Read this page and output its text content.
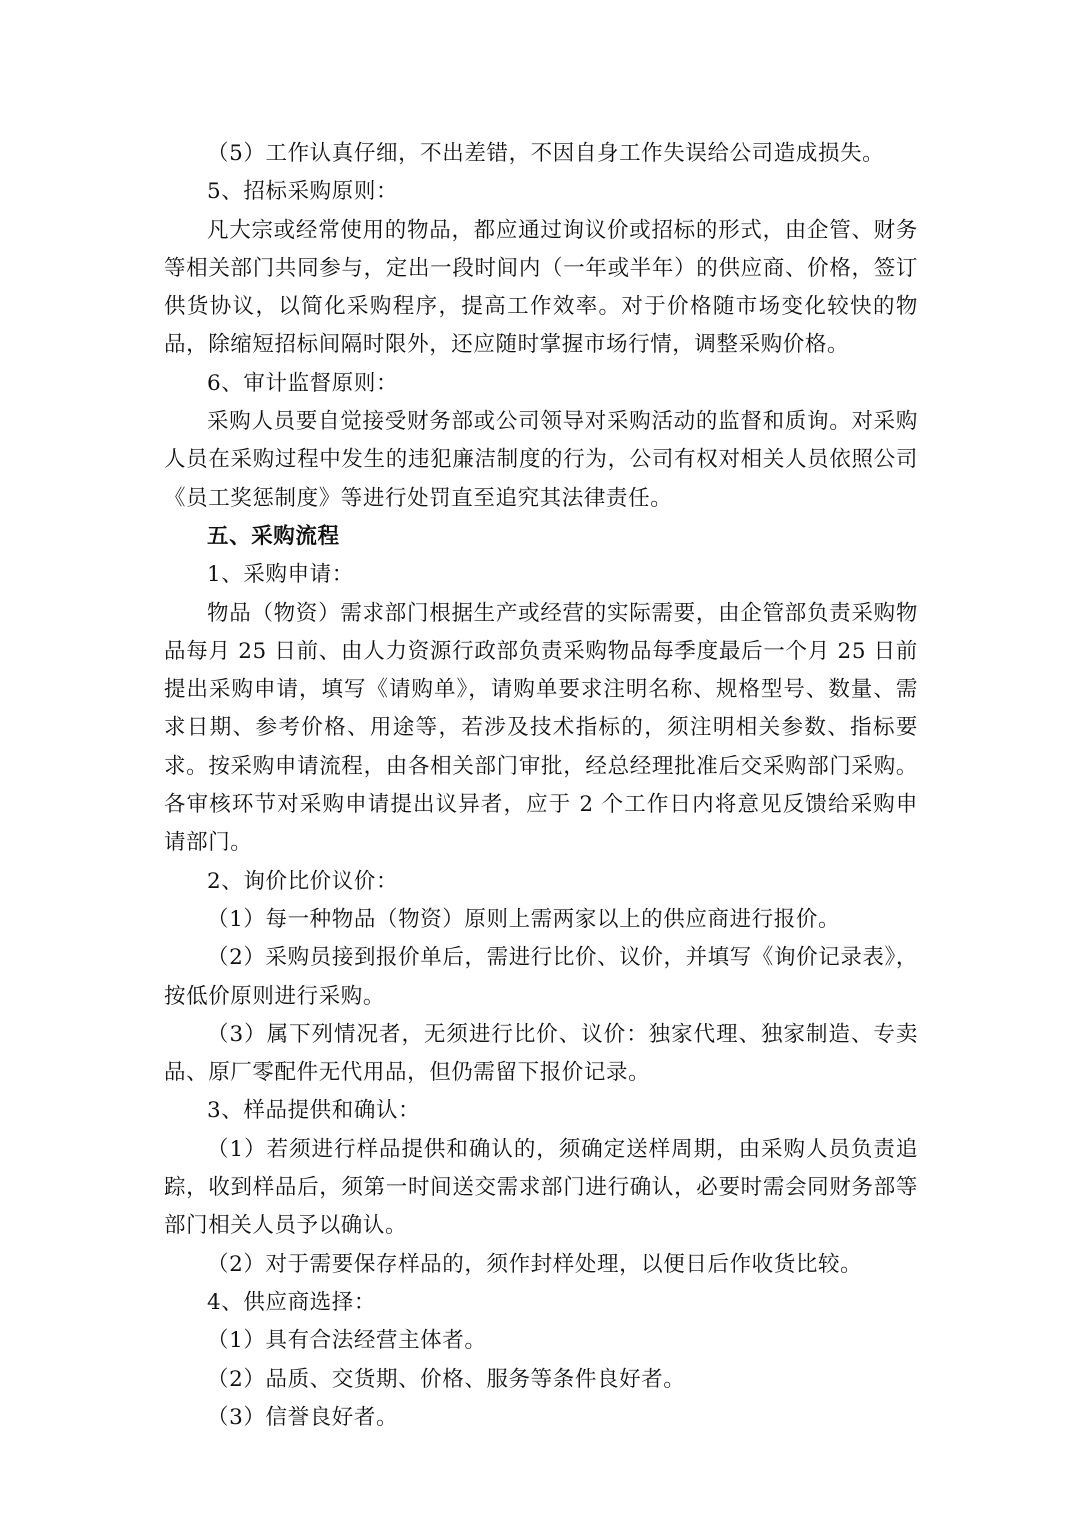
（5）工作认真仔细，不出差错，不因自身工作失误给公司造成损失。

5、招标采购原则：

凡大宗或经常使用的物品，都应通过询议价或招标的形式，由企管、财务等相关部门共同参与，定出一段时间内（一年或半年）的供应商、价格，签订供货协议，以简化采购程序，提高工作效率。对于价格随市场变化较快的物品，除缩短招标间隔时限外，还应随时掌握市场行情，调整采购价格。

6、审计监督原则：

采购人员要自觉接受财务部或公司领导对采购活动的监督和质询。对采购人员在采购过程中发生的违犯廉洁制度的行为，公司有权对相关人员依照公司《员工奖惩制度》等进行处罚直至追究其法律责任。

五、采购流程

1、采购申请：

物品（物资）需求部门根据生产或经营的实际需要，由企管部负责采购物品每月 25 日前、由人力资源行政部负责采购物品每季度最后一个月 25 日前提出采购申请，填写《请购单》，请购单要求注明名称、规格型号、数量、需求日期、参考价格、用途等，若涉及技术指标的，须注明相关参数、指标要求。按采购申请流程，由各相关部门审批，经总经理批准后交采购部门采购。各审核环节对采购申请提出议异者，应于 2 个工作日内将意见反馈给采购申请部门。

2、询价比价议价：

（1）每一种物品（物资）原则上需两家以上的供应商进行报价。

（2）采购员接到报价单后，需进行比价、议价，并填写《询价记录表》，按低价原则进行采购。

（3）属下列情况者，无须进行比价、议价：独家代理、独家制造、专卖品、原厂零配件无代用品，但仍需留下报价记录。

3、样品提供和确认：

（1）若须进行样品提供和确认的，须确定送样周期，由采购人员负责追踪，收到样品后，须第一时间送交需求部门进行确认，必要时需会同财务部等部门相关人员予以确认。

（2）对于需要保存样品的，须作封样处理，以便日后作收货比较。

4、供应商选择：

（1）具有合法经营主体者。

（2）品质、交货期、价格、服务等条件良好者。

（3）信誉良好者。
